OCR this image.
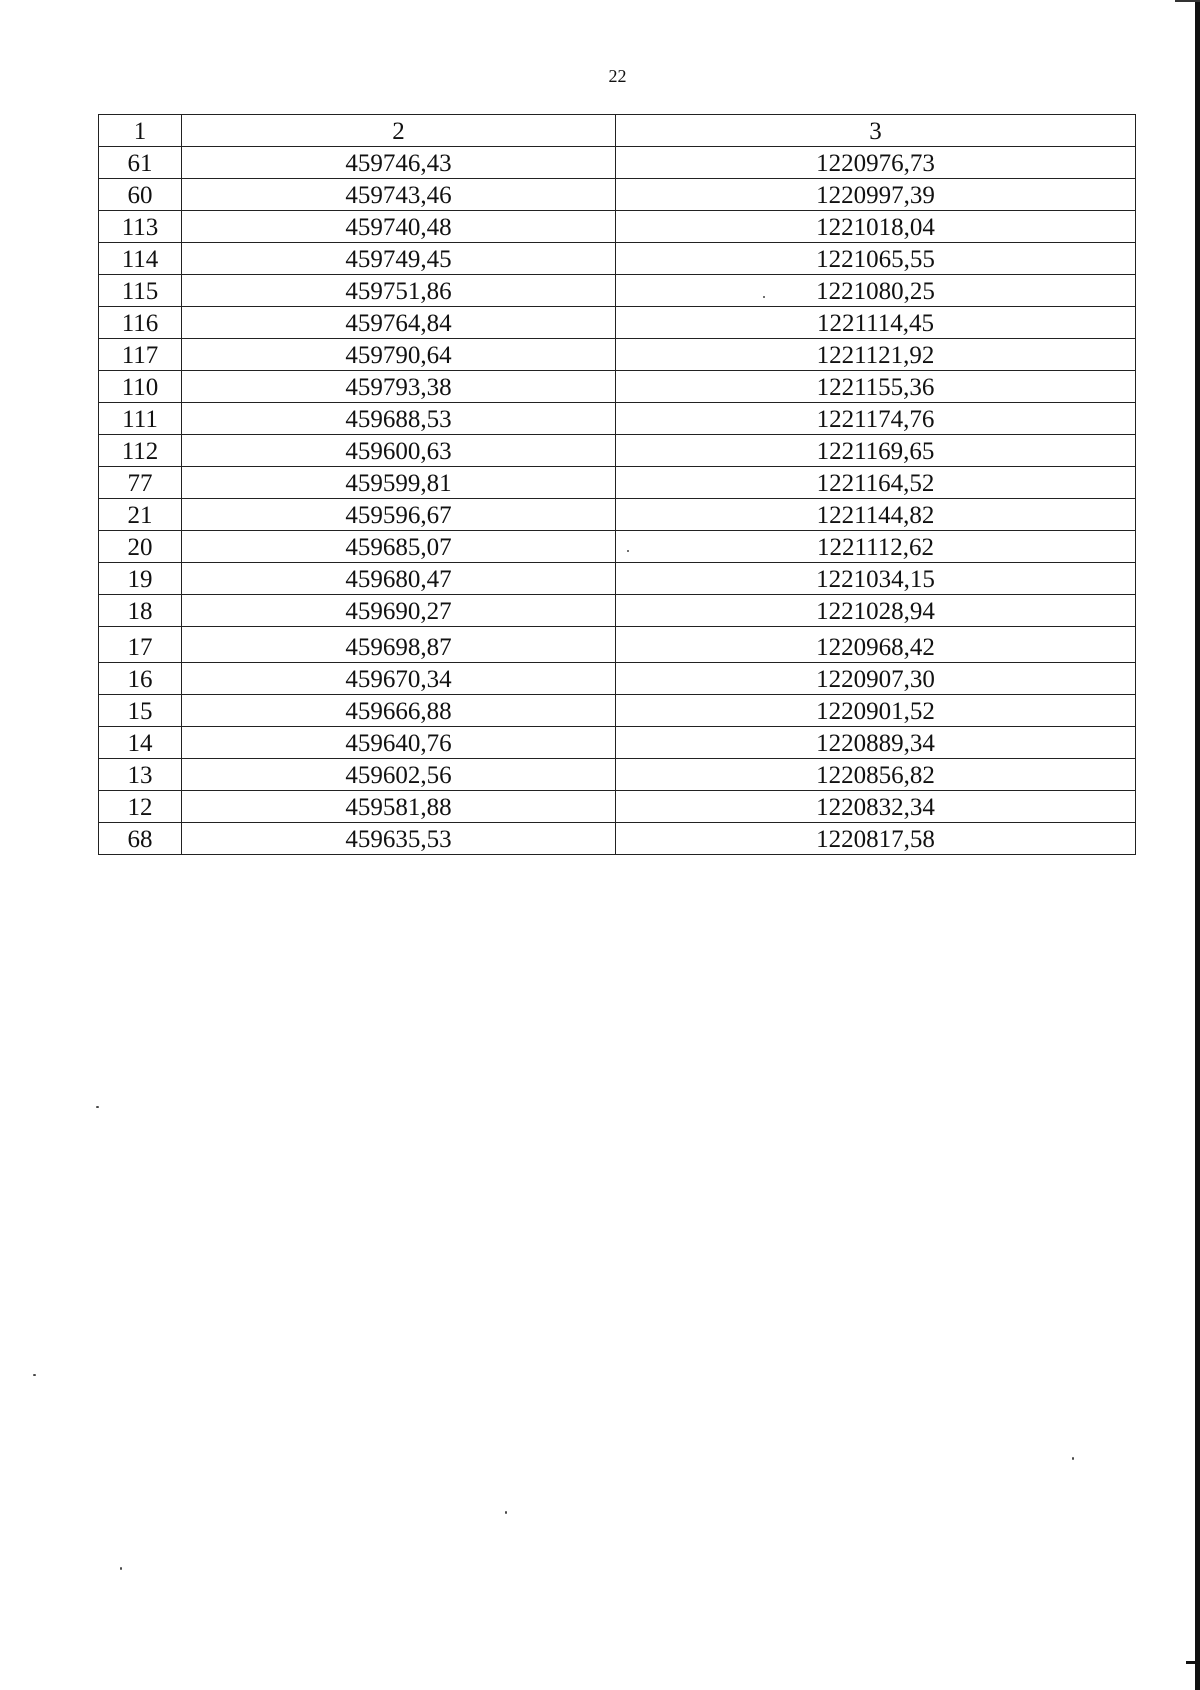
22
1	2	3
61	459746,43	1220976,73
60	459743,46	1220997,39
113	459740,48	1221018,04
114	459749,45	1221065,55
115	459751,86	1221080,25
116	459764,84	1221114,45
117	459790,64	1221121,92
110	459793,38	1221155,36
111	459688,53	1221174,76
112	459600,63	1221169,65
77	459599,81	1221164,52
21	459596,67	1221144,82
20	459685,07	1221112,62
19	459680,47	1221034,15
18	459690,27	1221028,94
17	459698,87	1220968,42
16	459670,34	1220907,30
15	459666,88	1220901,52
14	459640,76	1220889,34
13	459602,56	1220856,82
12	459581,88	1220832,34
68	459635,53	1220817,58
